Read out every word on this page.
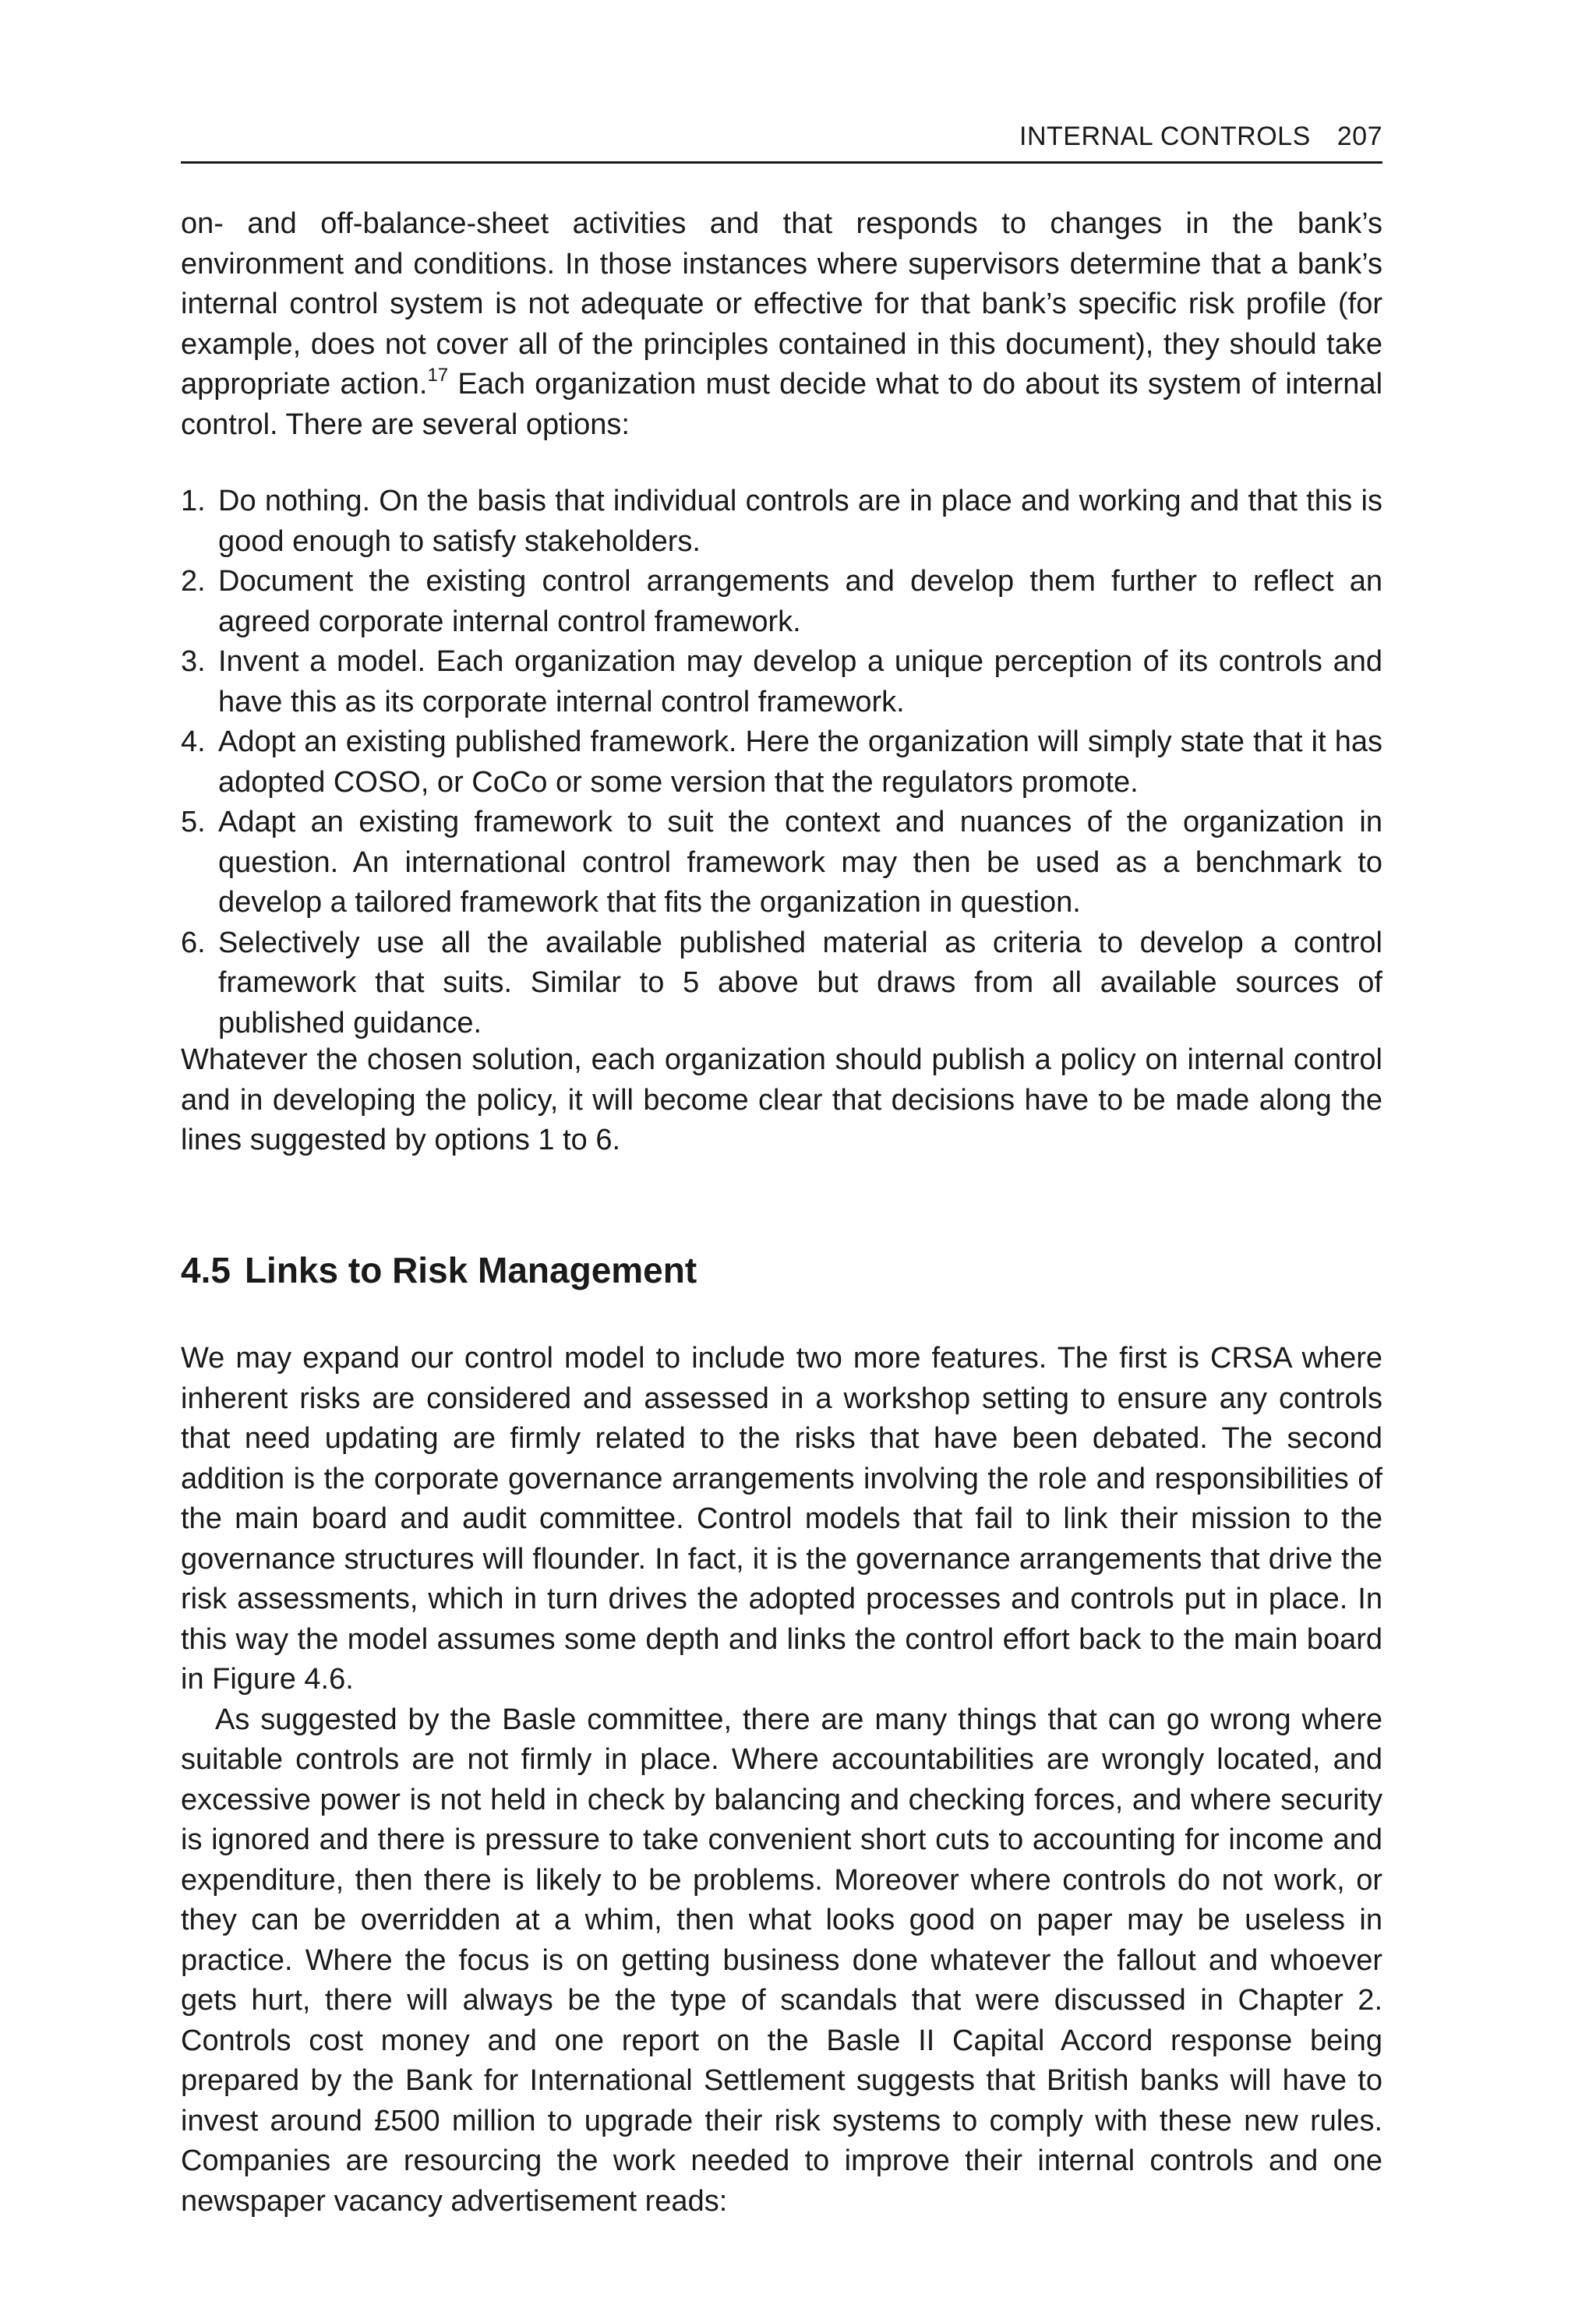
INTERNAL CONTROLS 207

on- and off-balance-sheet activities and that responds to changes in the bank’s environment and conditions. In those instances where supervisors determine that a bank’s internal control system is not adequate or effective for that bank’s specific risk profile (for example, does not cover all of the principles contained in this document), they should take appropriate action.$^{17}$ Each organization must decide what to do about its system of internal control. There are several options:

1. Do nothing. On the basis that individual controls are in place and working and that this is good enough to satisfy stakeholders.
2. Document the existing control arrangements and develop them further to reflect an agreed corporate internal control framework.
3. Invent a model. Each organization may develop a unique perception of its controls and have this as its corporate internal control framework.
4. Adopt an existing published framework. Here the organization will simply state that it has adopted COSO, or CoCo or some version that the regulators promote.
5. Adapt an existing framework to suit the context and nuances of the organization in question. An international control framework may then be used as a benchmark to develop a tailored framework that fits the organization in question.
6. Selectively use all the available published material as criteria to develop a control framework that suits. Similar to 5 above but draws from all available sources of published guidance.

Whatever the chosen solution, each organization should publish a policy on internal control and in developing the policy, it will become clear that decisions have to be made along the lines suggested by options 1 to 6.

4.5 Links to Risk Management

We may expand our control model to include two more features. The first is CRSA where inherent risks are considered and assessed in a workshop setting to ensure any controls that need updating are firmly related to the risks that have been debated. The second addition is the corporate governance arrangements involving the role and responsibilities of the main board and audit committee. Control models that fail to link their mission to the governance structures will flounder. In fact, it is the governance arrangements that drive the risk assessments, which in turn drives the adopted processes and controls put in place. In this way the model assumes some depth and links the control effort back to the main board in Figure 4.6.

As suggested by the Basle committee, there are many things that can go wrong where suitable controls are not firmly in place. Where accountabilities are wrongly located, and excessive power is not held in check by balancing and checking forces, and where security is ignored and there is pressure to take convenient short cuts to accounting for income and expenditure, then there is likely to be problems. Moreover where controls do not work, or they can be overridden at a whim, then what looks good on paper may be useless in practice. Where the focus is on getting business done whatever the fallout and whoever gets hurt, there will always be the type of scandals that were discussed in Chapter 2. Controls cost money and one report on the Basle II Capital Accord response being prepared by the Bank for International Settlement suggests that British banks will have to invest around £500 million to upgrade their risk systems to comply with these new rules. Companies are resourcing the work needed to improve their internal controls and one newspaper vacancy advertisement reads:
